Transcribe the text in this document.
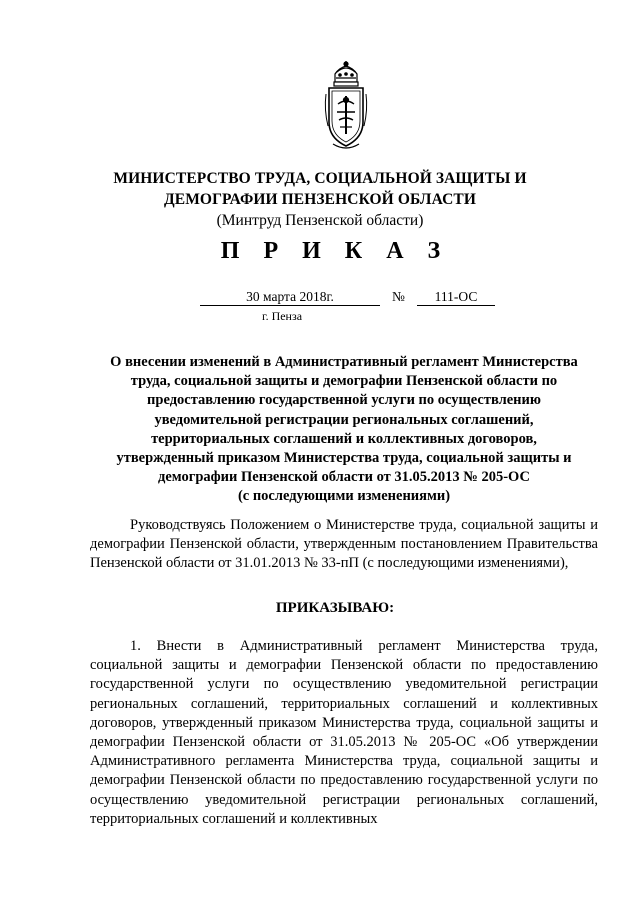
МИНИСТЕРСТВО ТРУДА, СОЦИАЛЬНОЙ ЗАЩИТЫ И
ДЕМОГРАФИИ ПЕНЗЕНСКОЙ ОБЛАСТИ
(Минтруд Пензенской области)
П Р И К А З
30 марта 2018г.	№	111-ОС
г. Пенза
О внесении изменений в Административный регламент Министерства
труда, социальной защиты и демографии Пензенской области по
предоставлению государственной услуги по осуществлению
уведомительной регистрации региональных соглашений,
территориальных соглашений и коллективных договоров,
утвержденный приказом Министерства труда, социальной защиты и
демографии Пензенской области от 31.05.2013 № 205-ОС
(с последующими изменениями)

Руководствуясь Положением о Министерстве труда, социальной защиты и демографии Пензенской области, утвержденным постановлением Правительства Пензенской области от 31.01.2013 № 33-пП (с последующими изменениями),

ПРИКАЗЫВАЮ:

1. Внести в Административный регламент Министерства труда, социальной защиты и демографии Пензенской области по предоставлению государственной услуги по осуществлению уведомительной регистрации региональных соглашений, территориальных соглашений и коллективных договоров, утвержденный приказом Министерства труда, социальной защиты и демографии Пензенской области от 31.05.2013 № 205-ОС «Об утверждении Административного регламента Министерства труда, социальной защиты и демографии Пензенской области по предоставлению государственной услуги по осуществлению уведомительной регистрации региональных соглашений, территориальных соглашений и коллективных
